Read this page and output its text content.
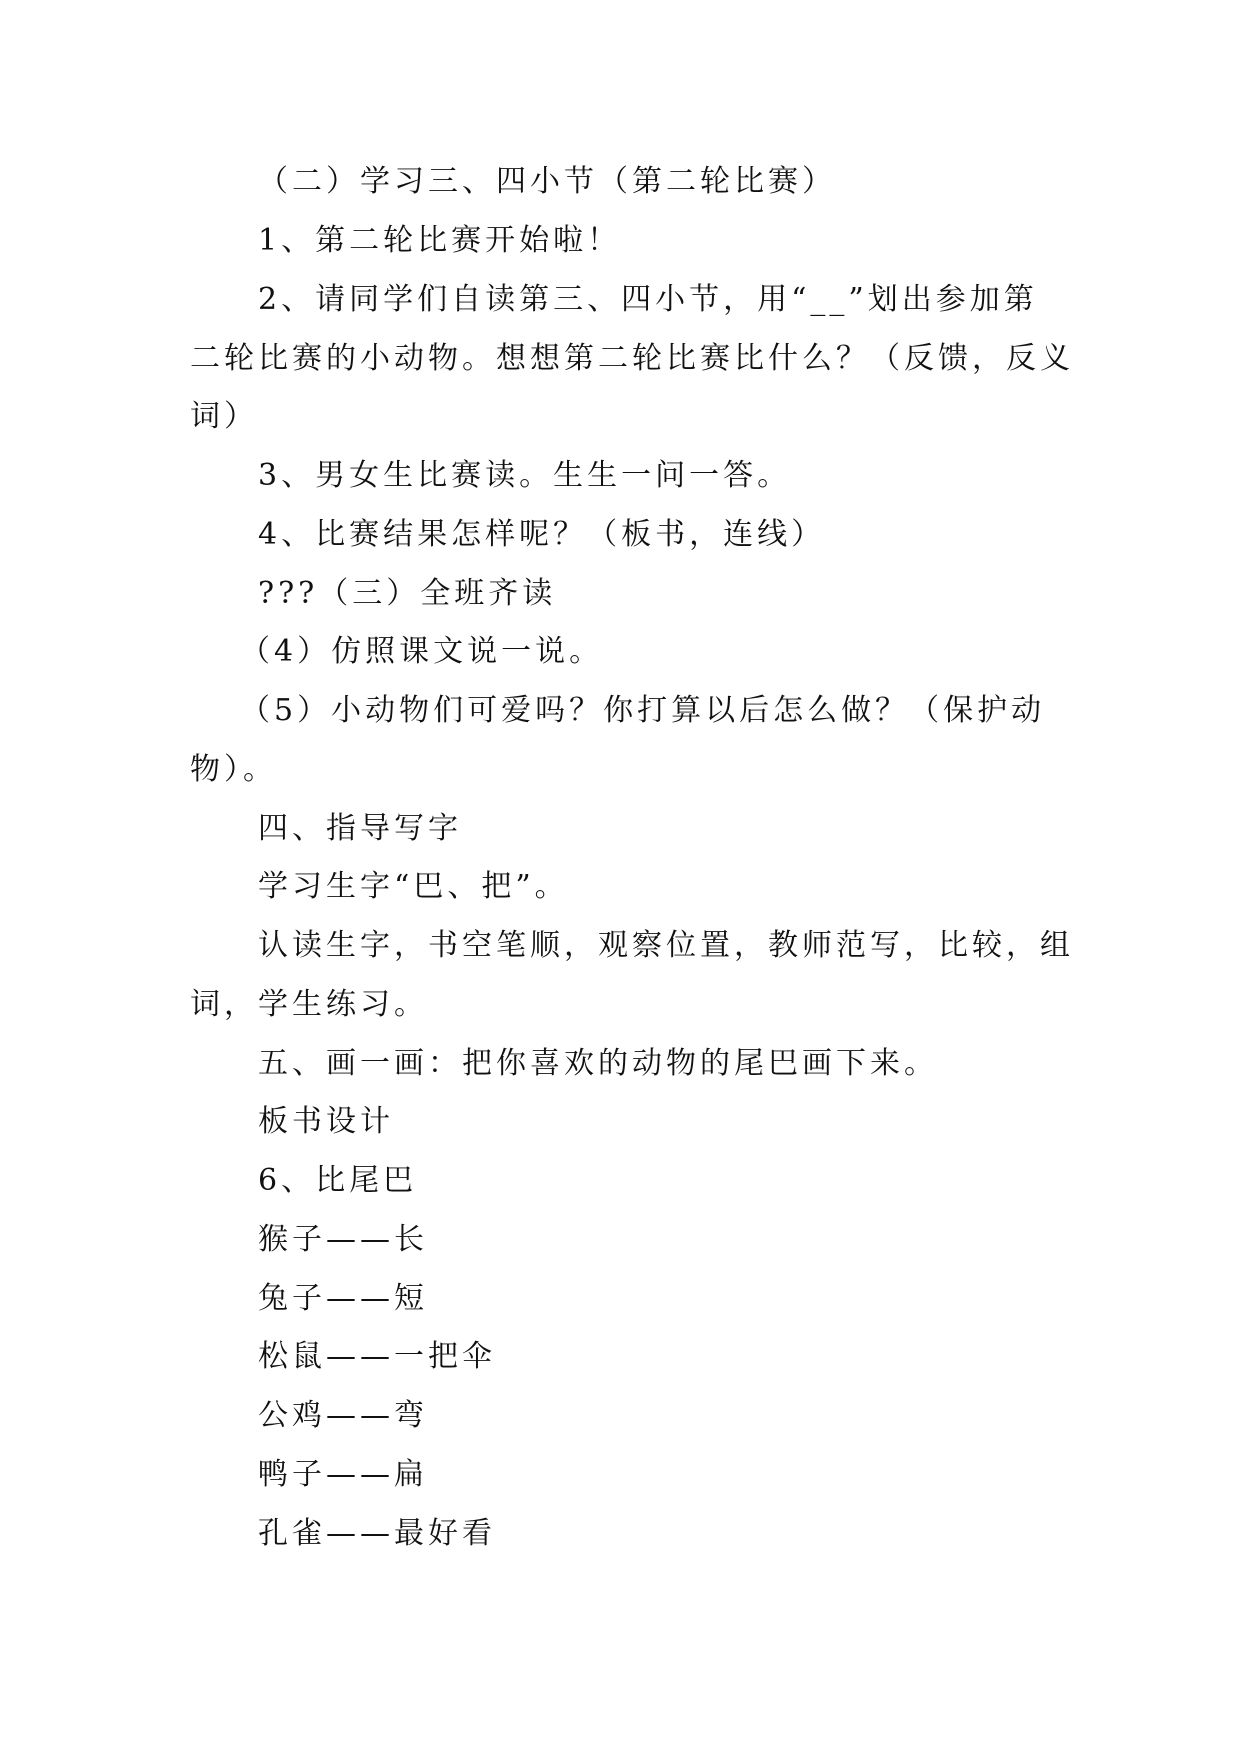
（二）学习三、四小节（第二轮比赛）

1、第二轮比赛开始啦！

2、请同学们自读第三、四小节，用“__”划出参加第

二轮比赛的小动物。想想第二轮比赛比什么？（反馈，反义

词）

3、男女生比赛读。生生一问一答。

4、比赛结果怎样呢？（板书，连线）

???（三）全班齐读

（4）仿照课文说一说。

（5）小动物们可爱吗？你打算以后怎么做？（保护动

物）。

四、指导写字

学习生字“巴、把”。

认读生字，书空笔顺，观察位置，教师范写，比较，组

词，学生练习。

五、画一画：把你喜欢的动物的尾巴画下来。

板书设计

6、比尾巴

猴子——长

兔子——短

松鼠——一把伞

公鸡——弯

鸭子——扁

孔雀——最好看
